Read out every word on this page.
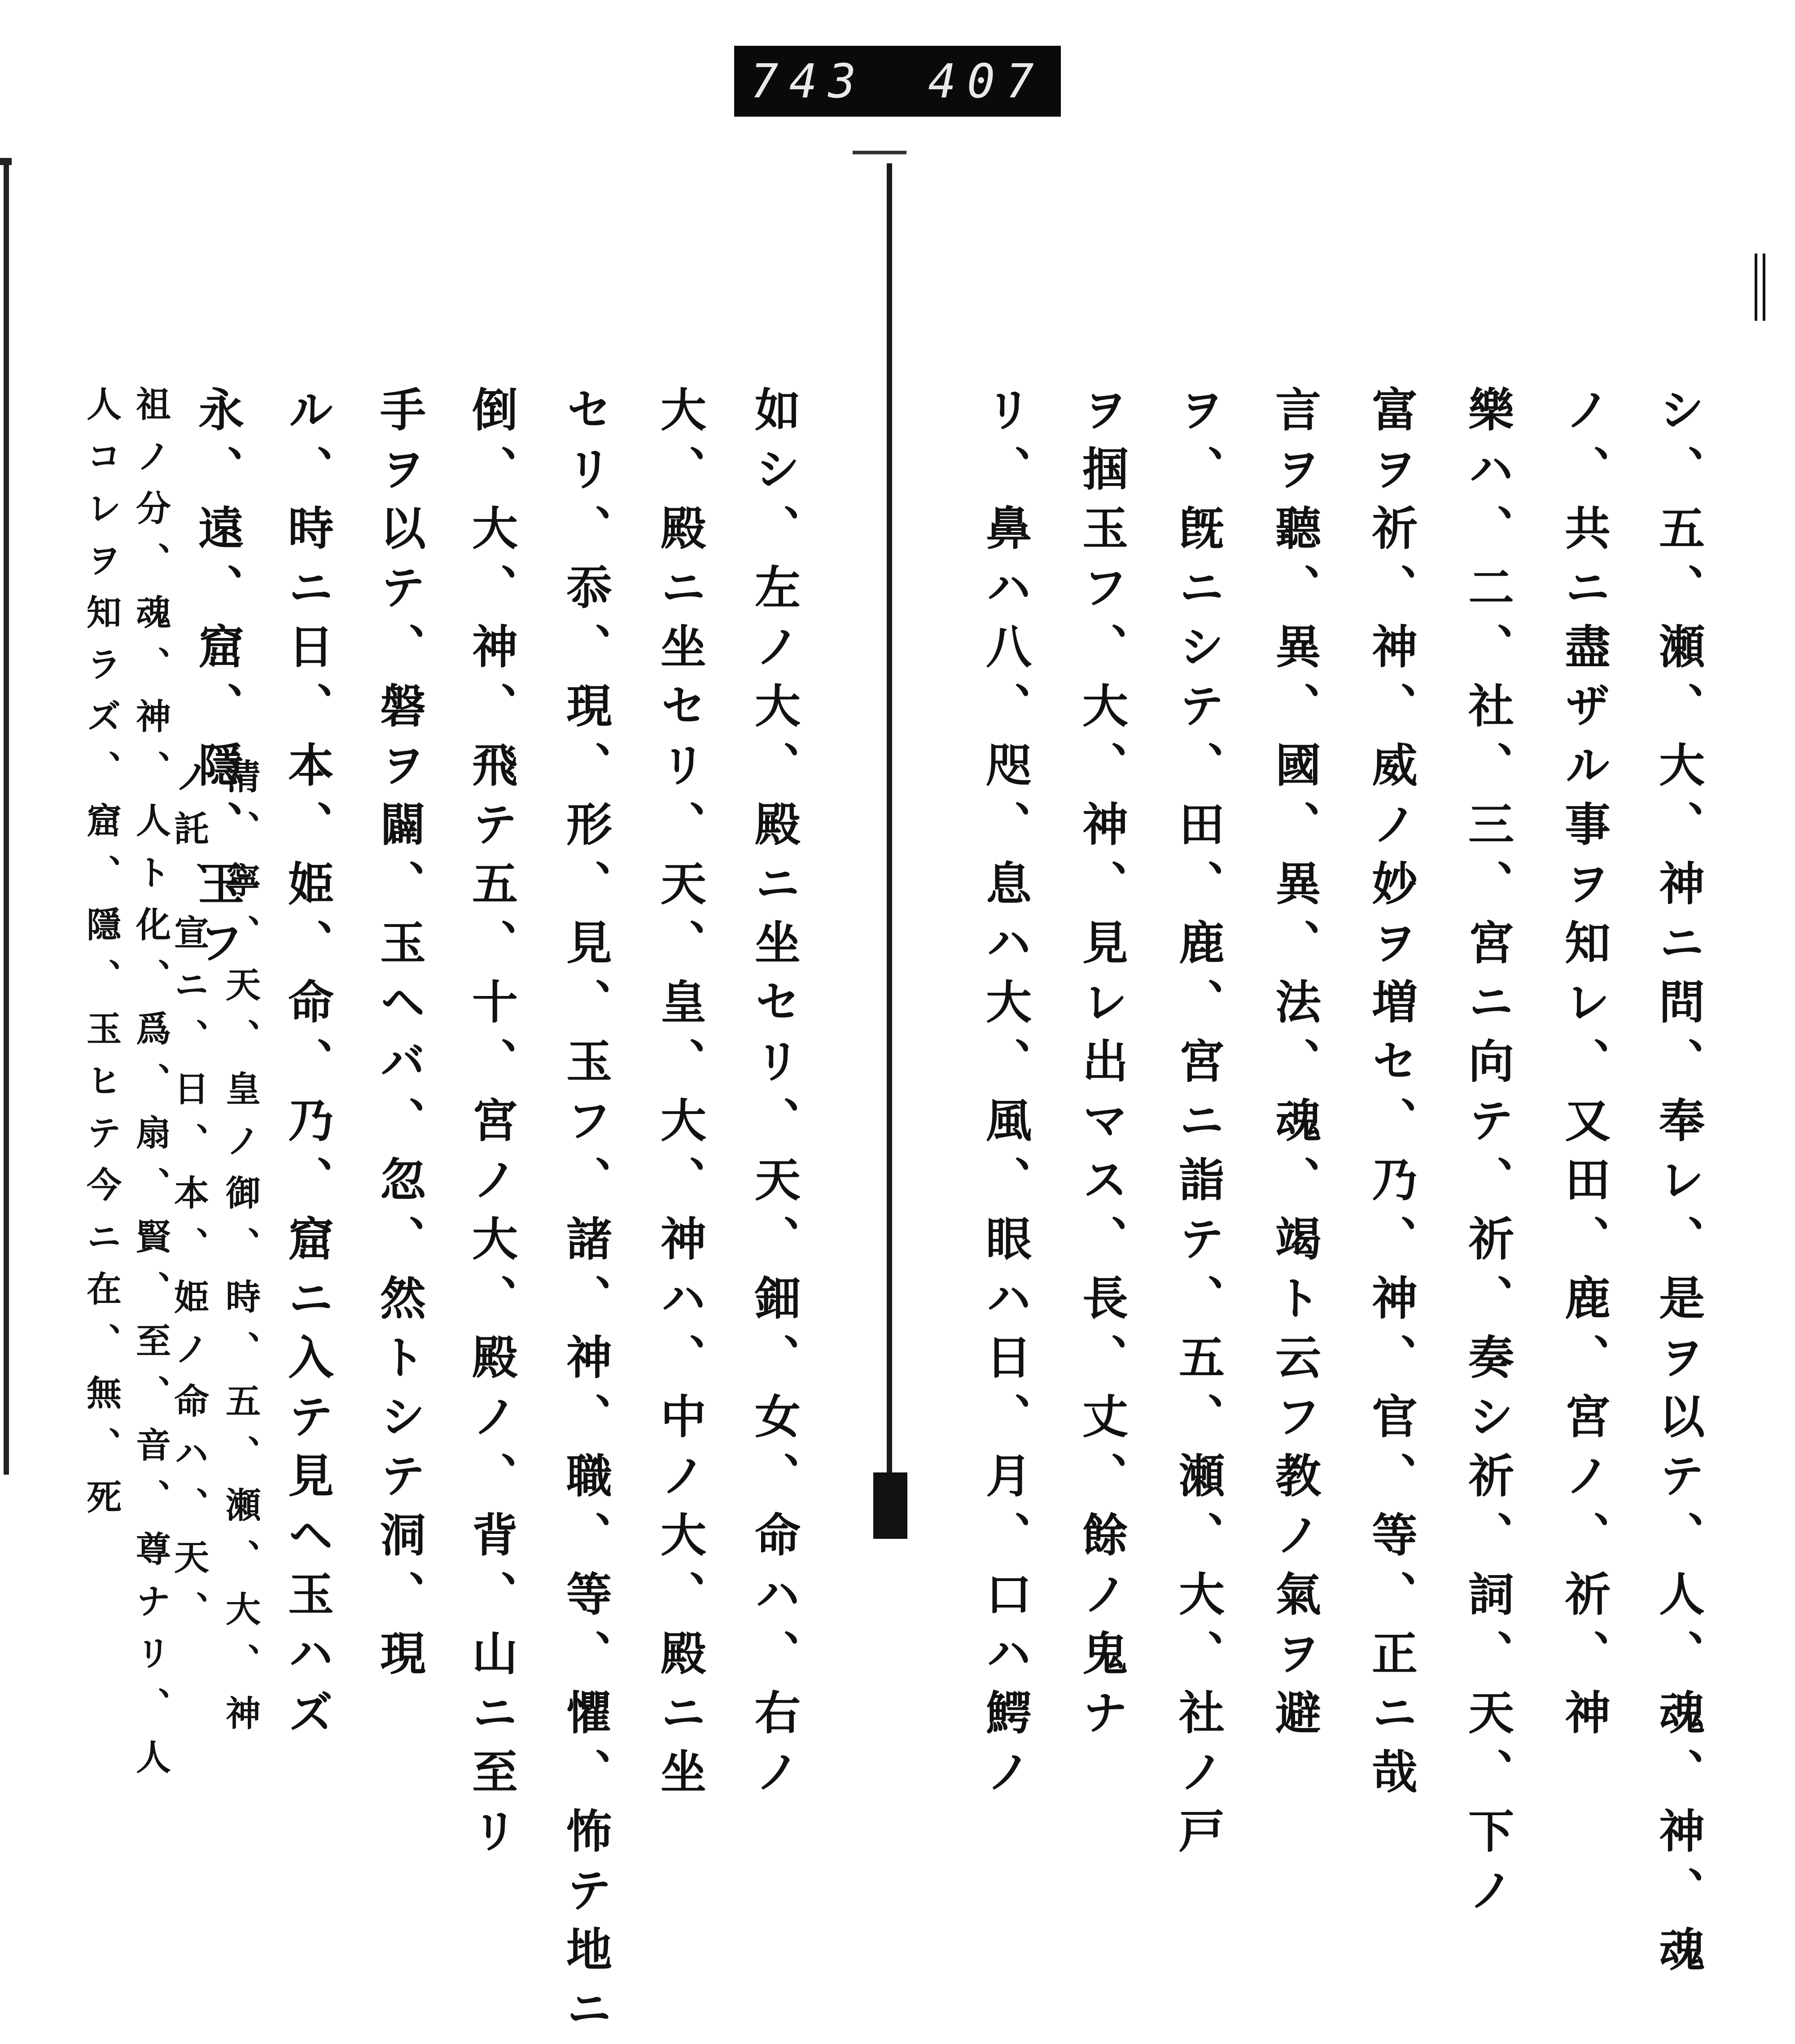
743 407
シ、五、瀬、大、神ニ問、奉レ、是ヲ以テ、人、魂、神、魂
ノ、共ニ盡ザル事ヲ知レ、又田、鹿、宮ノ、祈、神
樂ハ、二、社、三、宮ニ向テ、祈、奏シ祈、詞、天、下ノ
富ヲ祈、神、威ノ妙ヲ増セ、乃、神、官、等、正ニ哉
言ヲ聽、異、國、異、法、魂、竭ト云フ教ノ氣ヲ避
ヲ、旣ニシテ、田、鹿、宮ニ詣テ、五、瀬、大、社ノ戸
ヲ掴玉フ、大、神、見レ出マス、長、丈、餘ノ鬼ナ
リ、鼻ハ八、咫、息ハ大、風、眼ハ日、月、口ハ鰐ノ
如シ、左ノ大、殿ニ坐セリ、天、鈿、女、命ハ、右ノ
大、殿ニ坐セリ、天、皇、大、神ハ、中ノ大、殿ニ坐
セリ、忝、現、形、見、玉フ、諸、神、職、等、懼、怖テ地ニ
倒、大、神、飛テ五、十、宮ノ大、殿ノ、背、山ニ至リ
手ヲ以テ、磐ヲ闢、玉ヘバ、忽、然トシテ洞、現
ル、時ニ日、本、姫、命、乃、窟ニ入テ見ヘ玉ハズ
永、遠、窟、隱、玉フ
清、寧、天、皇ノ御、時、五、瀬、大、神
ノ託、宣ニ、日、本、姫ノ命ハ、天、
祖ノ分、魂、神、人ト化、爲、扇、賢、至、音、尊ナリ、人
人コレヲ知ラズ、窟、隱、玉ヒテ今ニ在、無、死
